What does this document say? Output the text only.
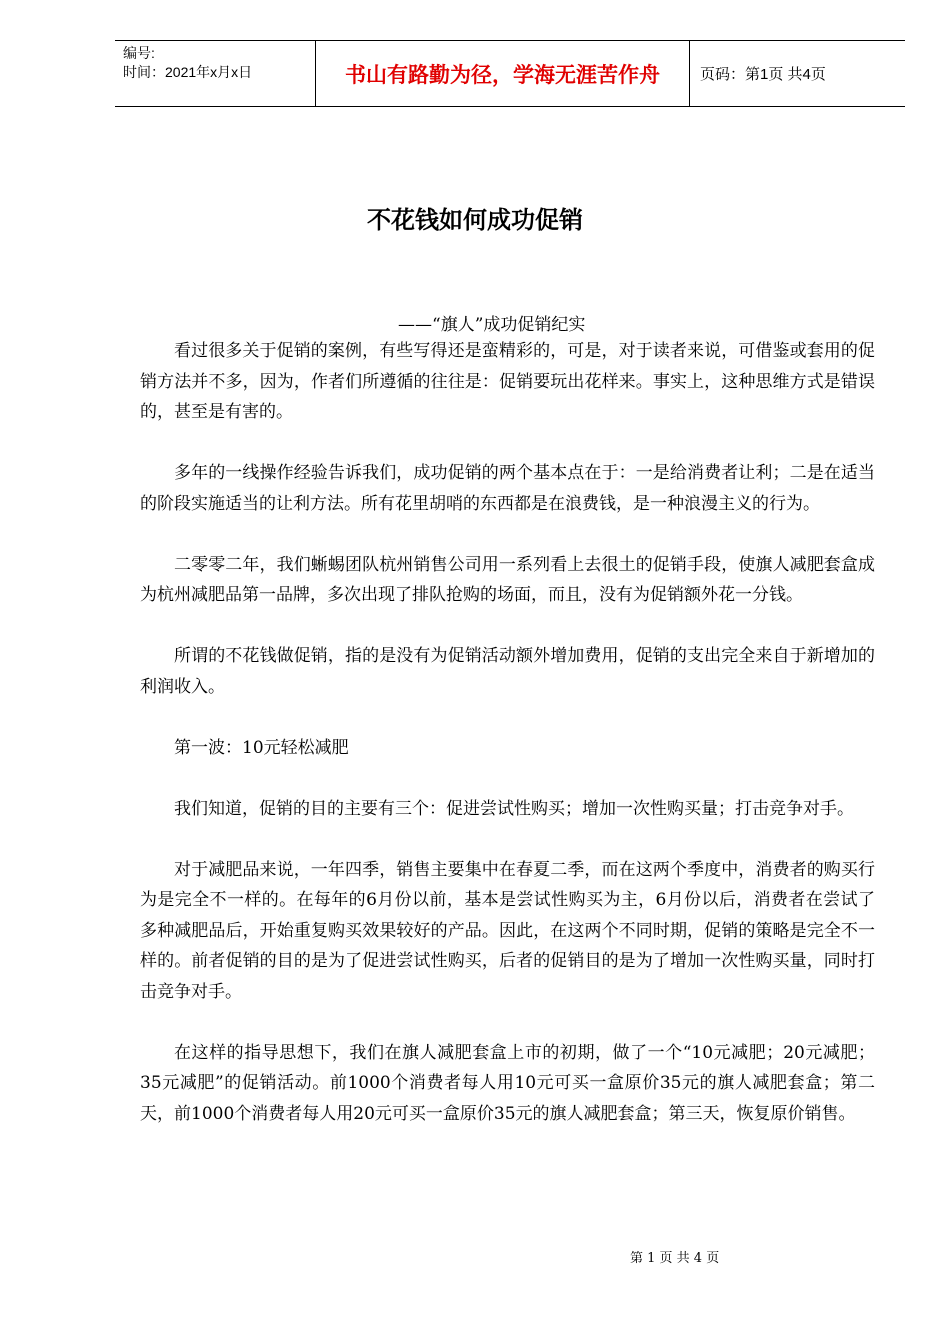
编号:
时间：2021年x月x日	书山有路勤为径，学海无涯苦作舟	页码：第1页 共4页
不花钱如何成功促销
——“旗人”成功促销纪实

看过很多关于促销的案例，有些写得还是蛮精彩的，可是，对于读者来说，可借鉴或套用的促销方法并不多，因为，作者们所遵循的往往是：促销要玩出花样来。事实上，这种思维方式是错误的，甚至是有害的。

多年的一线操作经验告诉我们，成功促销的两个基本点在于：一是给消费者让利；二是在适当的阶段实施适当的让利方法。所有花里胡哨的东西都是在浪费钱，是一种浪漫主义的行为。

二零零二年，我们蜥蜴团队杭州销售公司用一系列看上去很土的促销手段，使旗人减肥套盒成为杭州减肥品第一品牌，多次出现了排队抢购的场面，而且，没有为促销额外花一分钱。

所谓的不花钱做促销，指的是没有为促销活动额外增加费用，促销的支出完全来自于新增加的利润收入。

第一波：10元轻松减肥

我们知道，促销的目的主要有三个：促进尝试性购买；增加一次性购买量；打击竞争对手。

对于减肥品来说，一年四季，销售主要集中在春夏二季，而在这两个季度中，消费者的购买行为是完全不一样的。在每年的6月份以前，基本是尝试性购买为主，6月份以后，消费者在尝试了多种减肥品后，开始重复购买效果较好的产品。因此，在这两个不同时期，促销的策略是完全不一样的。前者促销的目的是为了促进尝试性购买，后者的促销目的是为了增加一次性购买量，同时打击竞争对手。

在这样的指导思想下，我们在旗人减肥套盒上市的初期，做了一个“10元减肥；20元减肥；35元减肥”的促销活动。前1000个消费者每人用10元可买一盒原价35元的旗人减肥套盒；第二天，前1000个消费者每人用20元可买一盒原价35元的旗人减肥套盒；第三天，恢复原价销售。

第 1 页 共 4 页
